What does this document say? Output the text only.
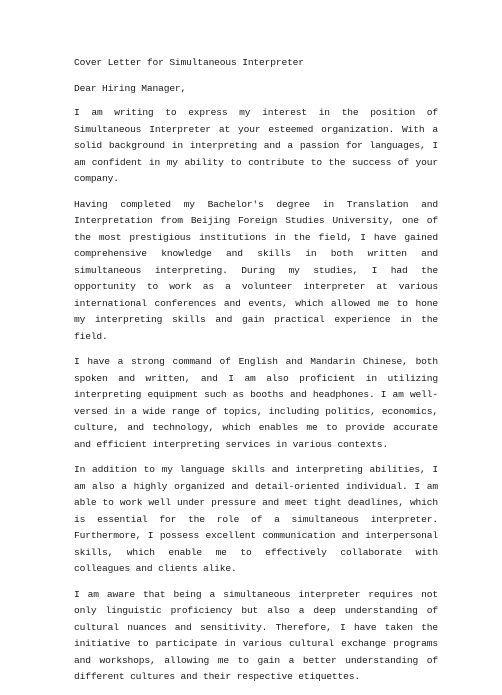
Cover Letter for Simultaneous Interpreter
Dear Hiring Manager,
I am writing to express my interest in the position of Simultaneous Interpreter at your esteemed organization. With a solid background in interpreting and a passion for languages, I am confident in my ability to contribute to the success of your company.
Having completed my Bachelor's degree in Translation and Interpretation from Beijing Foreign Studies University, one of the most prestigious institutions in the field, I have gained comprehensive knowledge and skills in both written and simultaneous interpreting. During my studies, I had the opportunity to work as a volunteer interpreter at various international conferences and events, which allowed me to hone my interpreting skills and gain practical experience in the field.
I have a strong command of English and Mandarin Chinese, both spoken and written, and I am also proficient in utilizing interpreting equipment such as booths and headphones. I am well-versed in a wide range of topics, including politics, economics, culture, and technology, which enables me to provide accurate and efficient interpreting services in various contexts.
In addition to my language skills and interpreting abilities, I am also a highly organized and detail-oriented individual. I am able to work well under pressure and meet tight deadlines, which is essential for the role of a simultaneous interpreter. Furthermore, I possess excellent communication and interpersonal skills, which enable me to effectively collaborate with colleagues and clients alike.
I am aware that being a simultaneous interpreter requires not only linguistic proficiency but also a deep understanding of cultural nuances and sensitivity. Therefore, I have taken the initiative to participate in various cultural exchange programs and workshops, allowing me to gain a better understanding of different cultures and their respective etiquettes.
